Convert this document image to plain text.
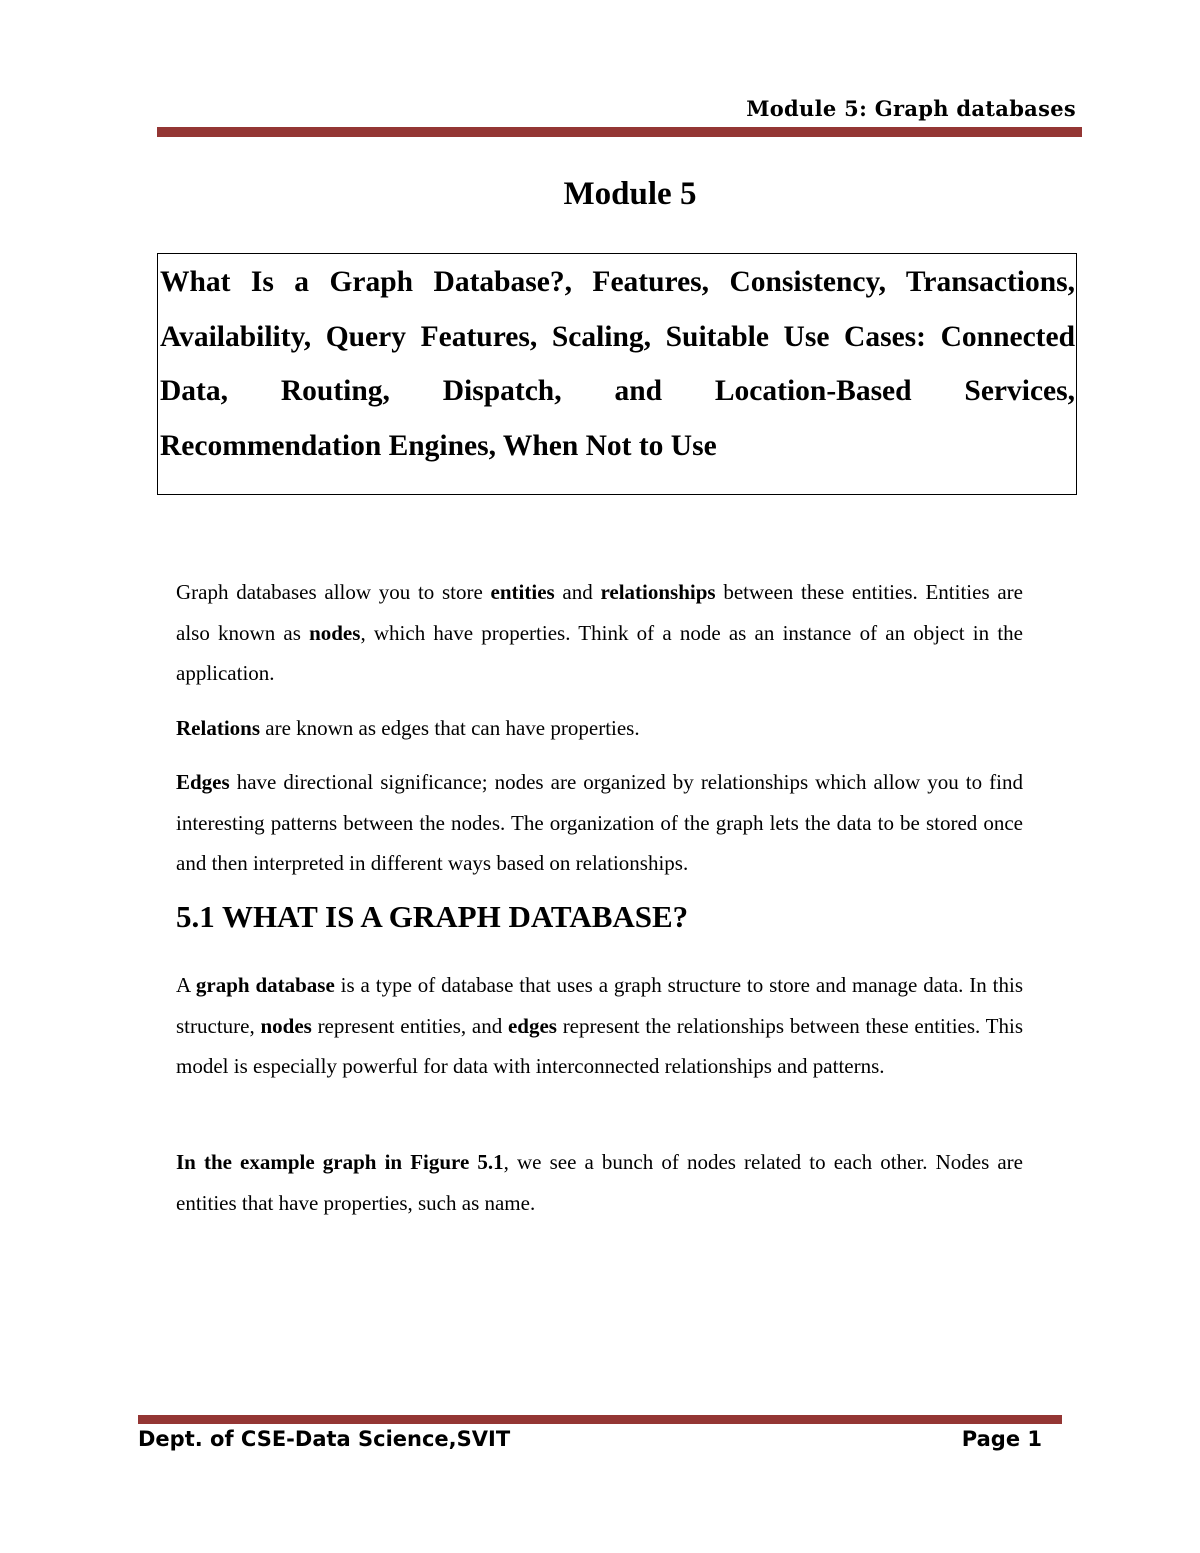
Module 5: Graph databases
Module 5

What Is a Graph Database?, Features, Consistency, Transactions, Availability, Query Features, Scaling, Suitable Use Cases: Connected Data, Routing, Dispatch, and Location-Based Services, Recommendation Engines, When Not to Use

Graph databases allow you to store entities and relationships between these entities. Entities are also known as nodes, which have properties. Think of a node as an instance of an object in the application.

Relations are known as edges that can have properties.

Edges have directional significance; nodes are organized by relationships which allow you to find interesting patterns between the nodes. The organization of the graph lets the data to be stored once and then interpreted in different ways based on relationships.

5.1 WHAT IS A GRAPH DATABASE?

A graph database is a type of database that uses a graph structure to store and manage data. In this structure, nodes represent entities, and edges represent the relationships between these entities. This model is especially powerful for data with interconnected relationships and patterns.

In the example graph in Figure 5.1, we see a bunch of nodes related to each other. Nodes are entities that have properties, such as name.

Dept. of CSE-Data Science,SVIT	Page 1
